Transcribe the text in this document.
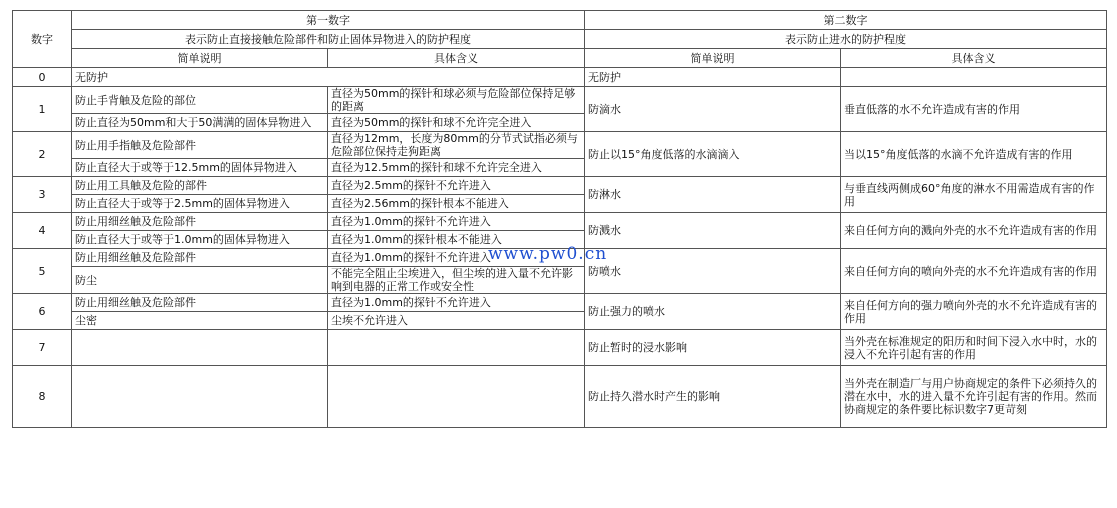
数字	第一数字		第二数字	
	表示防止直接接触危险部件和防止固体异物进入的防护程度		表示防止进水的防护程度	
	简单说明	具体含义	简单说明	具体含义
0	无防护		无防护	
1	防止手背触及危险的部位	直径为50mm的探针和球必须与危险部位保持足够的距离	防滴水	垂直低落的水不允许造成有害的作用
	防止直径为50mm和大于50满满的固体异物进入	直径为50mm的探针和球不允许完全进入		
2	防止用手指触及危险部件	直径为12mm，长度为80mm的分节式试指必须与危险部位保持走狗距离	防止以15°角度低落的水滴滴入	当以15°角度低落的水滴不允许造成有害的作用
	防止直径大于或等于12.5mm的固体异物进入	直径为12.5mm的探针和球不允许完全进入		
3	防止用工具触及危险的部件	直径为2.5mm的探针不允许进入	防淋水	与垂直线两侧成60°角度的淋水不用需造成有害的作用
	防止直径大于或等于2.5mm的固体异物进入	直径为2.56mm的探针根本不能进入		
4	防止用细丝触及危险部件	直径为1.0mm的探针不允许进入	防溅水	来自任何方向的溅向外壳的水不允许造成有害的作用
	防止直径大于或等于1.0mm的固体异物进入	直径为1.0mm的探针根本不能进入		
5	防止用细丝触及危险部件	直径为1.0mm的探针不允许进入	防喷水	来自任何方向的喷向外壳的水不允许造成有害的作用
	防尘	不能完全阻止尘埃进入，但尘埃的进入量不允许影响到电器的正常工作或安全性		
6	防止用细丝触及危险部件	直径为1.0mm的探针不允许进入	防止强力的喷水	来自任何方向的强力喷向外壳的水不允许造成有害的作用
	尘密	尘埃不允许进入		
7			防止暂时的浸水影响	当外壳在标准规定的阳历和时间下浸入水中时，水的浸入不允许引起有害的作用
8			防止持久潜水时产生的影响	当外壳在制造厂与用户协商规定的条件下必须持久的潜在水中，水的进入量不允许引起有害的作用。然而协商规定的条件要比标识数字7更苛刻
www.pw0.cn
